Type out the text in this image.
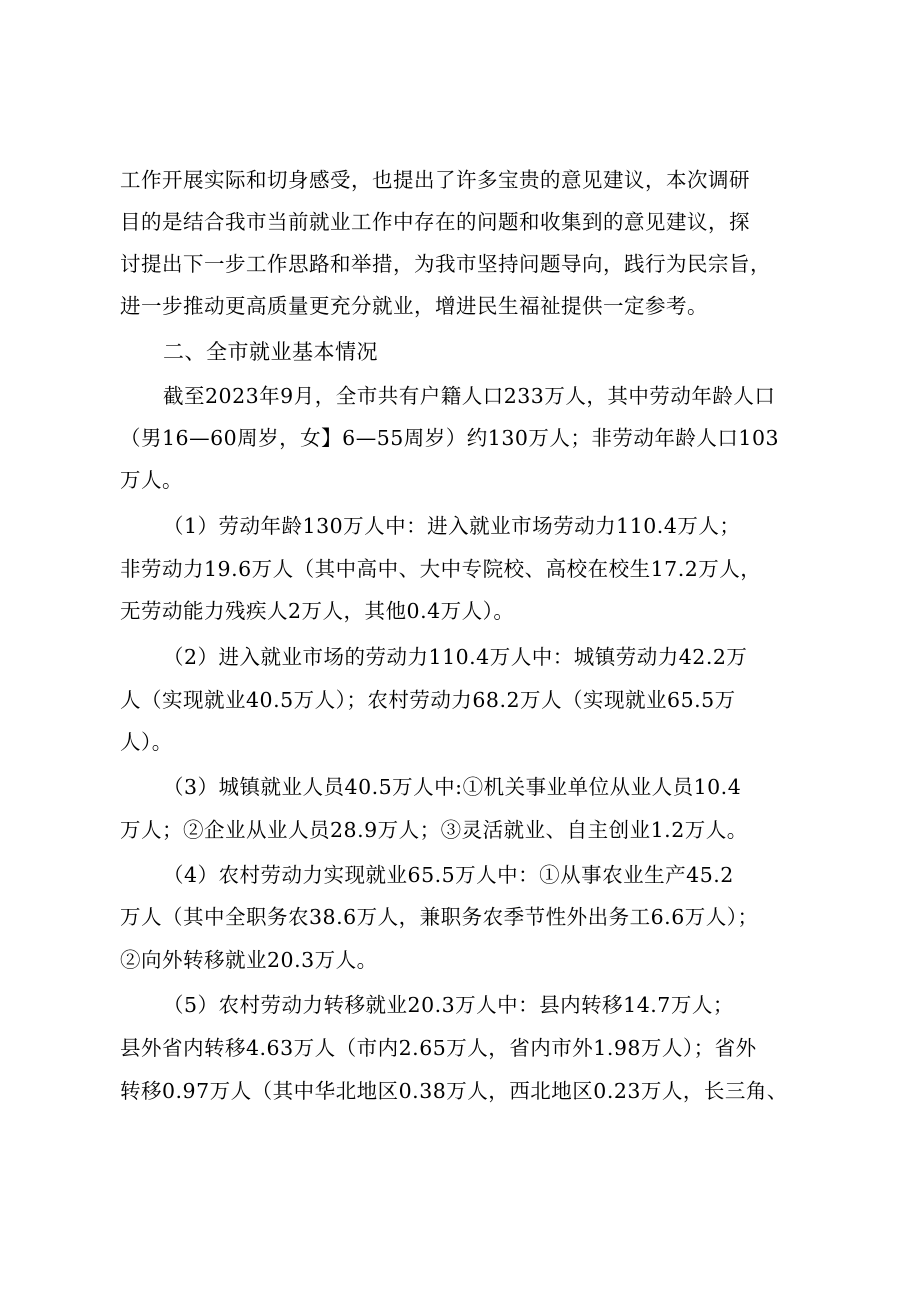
工作开展实际和切身感受，也提出了许多宝贵的意见建议，本次调研
目的是结合我市当前就业工作中存在的问题和收集到的意见建议，探
讨提出下一步工作思路和举措，为我市坚持问题导向，践行为民宗旨，
进一步推动更高质量更充分就业，增进民生福祉提供一定参考。
二、全市就业基本情况
截至2023年9月，全市共有户籍人口233万人，其中劳动年龄人口
（男16—60周岁，女】6—55周岁）约130万人；非劳动年龄人口103
万人。
（1）劳动年龄130万人中：进入就业市场劳动力110.4万人；
非劳动力19.6万人（其中高中、大中专院校、高校在校生17.2万人，
无劳动能力残疾人2万人，其他0.4万人）。
（2）进入就业市场的劳动力110.4万人中：城镇劳动力42.2万
人（实现就业40.5万人）；农村劳动力68.2万人（实现就业65.5万
人）。
（3）城镇就业人员40.5万人中:①机关事业单位从业人员10.4
万人；②企业从业人员28.9万人；③灵活就业、自主创业1.2万人。
（4）农村劳动力实现就业65.5万人中：①从事农业生产45.2
万人（其中全职务农38.6万人，兼职务农季节性外出务工6.6万人）；
②向外转移就业20.3万人。
（5）农村劳动力转移就业20.3万人中：县内转移14.7万人；
县外省内转移4.63万人（市内2.65万人，省内市外1.98万人）；省外
转移0.97万人（其中华北地区0.38万人，西北地区0.23万人，长三角、
